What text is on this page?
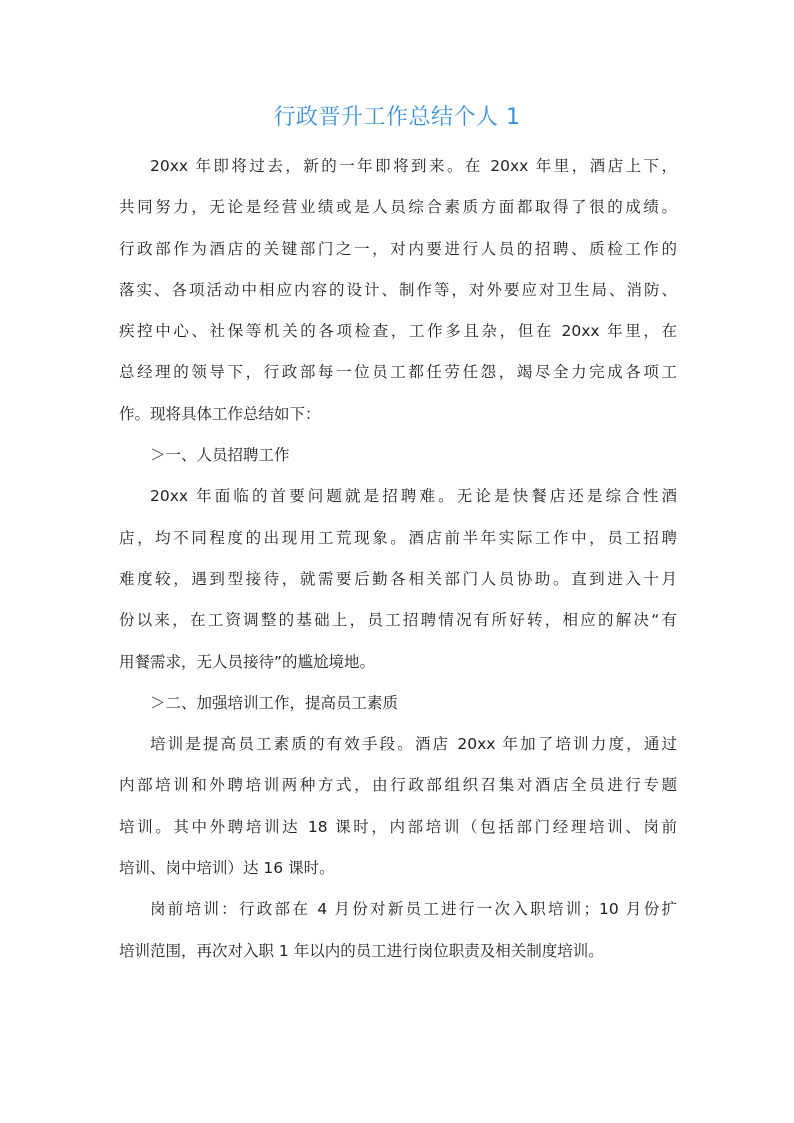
行政晋升工作总结个人 1

20xx 年即将过去，新的一年即将到来。在 20xx 年里，酒店上下，
共同努力，无论是经营业绩或是人员综合素质方面都取得了很的成绩。
行政部作为酒店的关键部门之一，对内要进行人员的招聘、质检工作的
落实、各项活动中相应内容的设计、制作等，对外要应对卫生局、消防、
疾控中心、社保等机关的各项检查，工作多且杂，但在 20xx 年里，在
总经理的领导下，行政部每一位员工都任劳任怨，竭尽全力完成各项工
作。现将具体工作总结如下：

＞一、人员招聘工作

20xx 年面临的首要问题就是招聘难。无论是快餐店还是综合性酒
店，均不同程度的出现用工荒现象。酒店前半年实际工作中，员工招聘
难度较，遇到型接待，就需要后勤各相关部门人员协助。直到进入十月
份以来，在工资调整的基础上，员工招聘情况有所好转，相应的解决“有
用餐需求，无人员接待”的尴尬境地。

＞二、加强培训工作，提高员工素质

培训是提高员工素质的有效手段。酒店 20xx 年加了培训力度，通过
内部培训和外聘培训两种方式，由行政部组织召集对酒店全员进行专题
培训。其中外聘培训达 18 课时，内部培训（包括部门经理培训、岗前
培训、岗中培训）达 16 课时。

岗前培训：行政部在 4 月份对新员工进行一次入职培训；10 月份扩
培训范围，再次对入职 1 年以内的员工进行岗位职责及相关制度培训。
